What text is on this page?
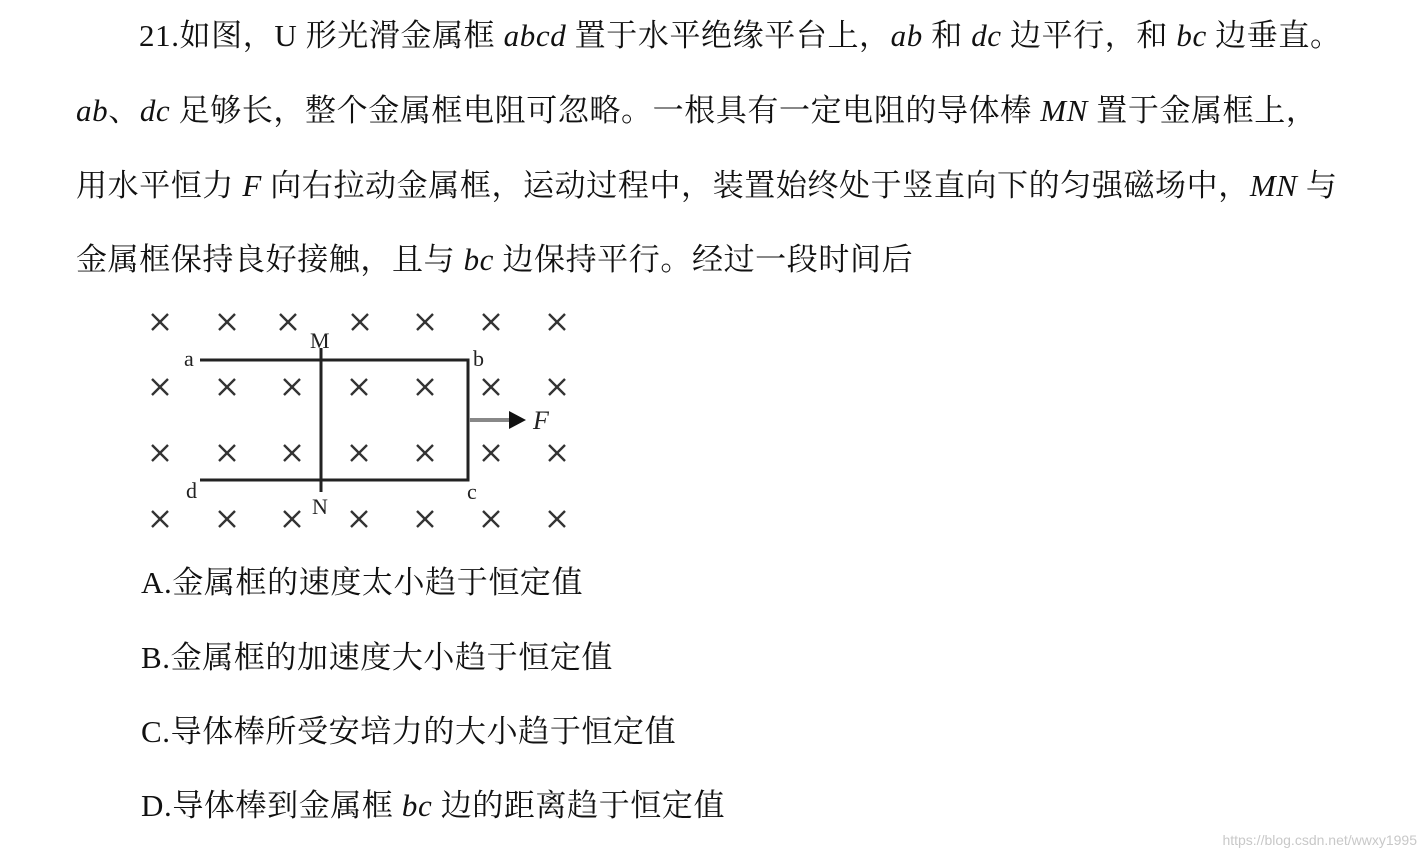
21.如图，U 形光滑金属框 abcd 置于水平绝缘平台上，ab 和 dc 边平行，和 bc 边垂直。
ab、dc 足够长，整个金属框电阻可忽略。一根具有一定电阻的导体棒 MN 置于金属框上，
用水平恒力 F 向右拉动金属框，运动过程中，装置始终处于竖直向下的匀强磁场中，MN 与
金属框保持良好接触，且与 bc 边保持平行。经过一段时间后
a	b
c
d
M
N
F
A.金属框的速度太小趋于恒定值
B.金属框的加速度大小趋于恒定值
C.导体棒所受安培力的大小趋于恒定值
D.导体棒到金属框 bc 边的距离趋于恒定值
https://blog.csdn.net/wwxy1995
